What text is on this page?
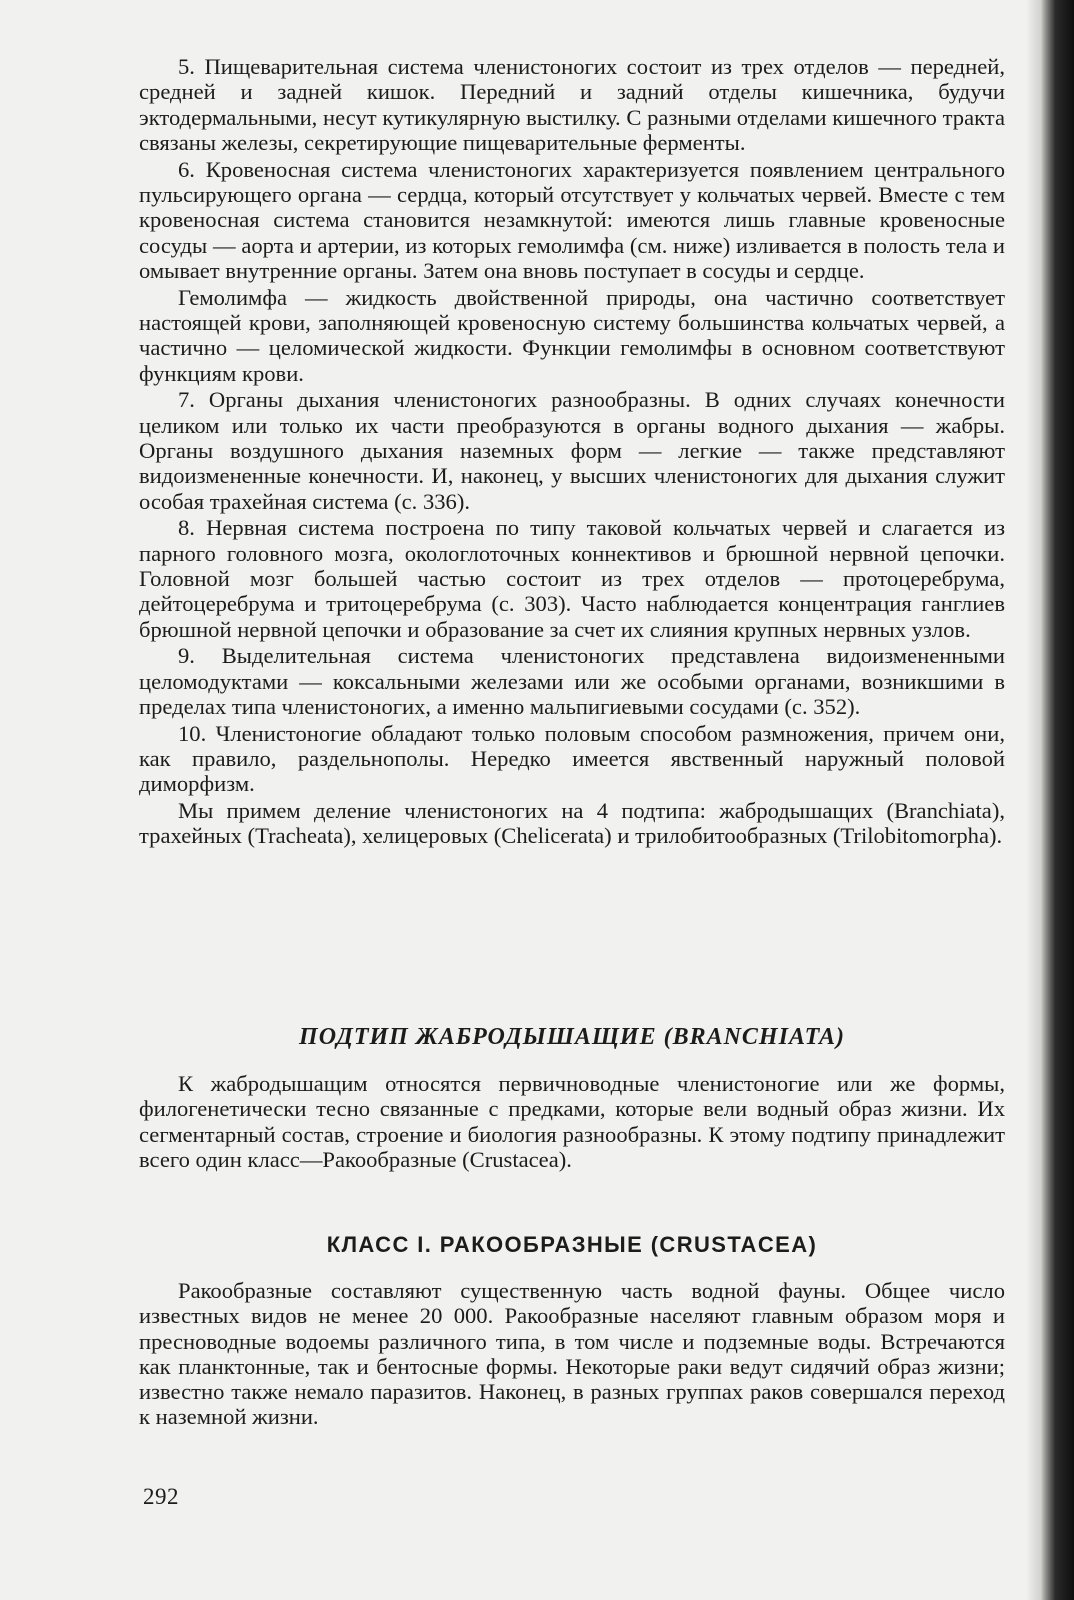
5. Пищеварительная система членистоногих состоит из трех отделов — передней, средней и задней кишок. Передний и задний отделы кишечника, будучи эктодермальными, несут кутикулярную выстилку. С разными отделами кишечного тракта связаны железы, секретирующие пищеварительные ферменты.

6. Кровеносная система членистоногих характеризуется появлением центрального пульсирующего органа — сердца, который отсутствует у кольчатых червей. Вместе с тем кровеносная система становится незамкнутой: имеются лишь главные кровеносные сосуды — аорта и артерии, из которых гемолимфа (см. ниже) изливается в полость тела и омывает внутренние органы. Затем она вновь поступает в сосуды и сердце.

Гемолимфа — жидкость двойственной природы, она частично соответствует настоящей крови, заполняющей кровеносную систему большинства кольчатых червей, а частично — целомической жидкости. Функции гемолимфы в основном соответствуют функциям крови.

7. Органы дыхания членистоногих разнообразны. В одних случаях конечности целиком или только их части преобразуются в органы водного дыхания — жабры. Органы воздушного дыхания наземных форм — легкие — также представляют видоизмененные конечности. И, наконец, у высших членистоногих для дыхания служит особая трахейная система (с. 336).

8. Нервная система построена по типу таковой кольчатых червей и слагается из парного головного мозга, окологлоточных коннективов и брюшной нервной цепочки. Головной мозг большей частью состоит из трех отделов — протоцеребрума, дейтоцеребрума и тритоцеребрума (с. 303). Часто наблюдается концентрация ганглиев брюшной нервной цепочки и образование за счет их слияния крупных нервных узлов.

9. Выделительная система членистоногих представлена видоизмененными целомодуктами — коксальными железами или же особыми органами, возникшими в пределах типа членистоногих, а именно мальпигиевыми сосудами (с. 352).

10. Членистоногие обладают только половым способом размножения, причем они, как правило, раздельнополы. Нередко имеется явственный наружный половой диморфизм.

Мы примем деление членистоногих на 4 подтипа: жабродышащих (Branchiata), трахейных (Tracheata), хелицеровых (Chelicerata) и трилобитообразных (Trilobitomorpha).

ПОДТИП ЖАБРОДЫШАЩИЕ (BRANCHIATA)

К жабродышащим относятся первичноводные членистоногие или же формы, филогенетически тесно связанные с предками, которые вели водный образ жизни. Их сегментарный состав, строение и биология разнообразны. К этому подтипу принадлежит всего один класс—Ракообразные (Crustacea).

КЛАСС I. РАКООБРАЗНЫЕ (CRUSTACEA)

Ракообразные составляют существенную часть водной фауны. Общее число известных видов не менее 20 000. Ракообразные населяют главным образом моря и пресноводные водоемы различного типа, в том числе и подземные воды. Встречаются как планктонные, так и бентосные формы. Некоторые раки ведут сидячий образ жизни; известно также немало паразитов. Наконец, в разных группах раков совершался переход к наземной жизни.

292
